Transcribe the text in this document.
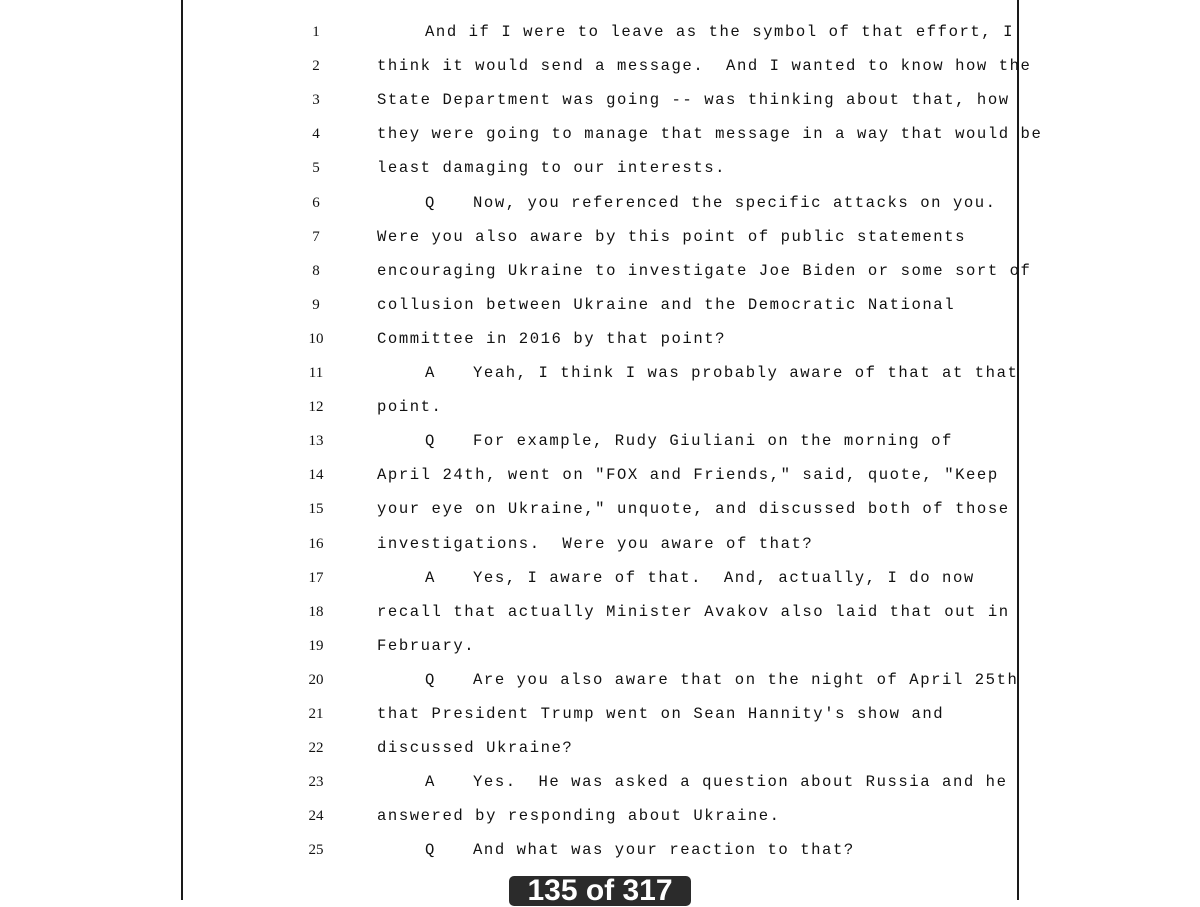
1	And if I were to leave as the symbol of that effort, I
2	think it would send a message.  And I wanted to know how the
3	State Department was going -- was thinking about that, how
4	they were going to manage that message in a way that would be
5	least damaging to our interests.
6	Q Now, you referenced the specific attacks on you.
7	Were you also aware by this point of public statements
8	encouraging Ukraine to investigate Joe Biden or some sort of
9	collusion between Ukraine and the Democratic National
10	Committee in 2016 by that point?
11	A Yeah, I think I was probably aware of that at that
12	point.
13	Q For example, Rudy Giuliani on the morning of
14	April 24th, went on "FOX and Friends," said, quote, "Keep
15	your eye on Ukraine," unquote, and discussed both of those
16	investigations.  Were you aware of that?
17	A Yes, I aware of that.  And, actually, I do now
18	recall that actually Minister Avakov also laid that out in
19	February.
20	Q Are you also aware that on the night of April 25th
21	that President Trump went on Sean Hannity's show and
22	discussed Ukraine?
23	A Yes.  He was asked a question about Russia and he
24	answered by responding about Ukraine.
25	Q And what was your reaction to that?
135 of 317
